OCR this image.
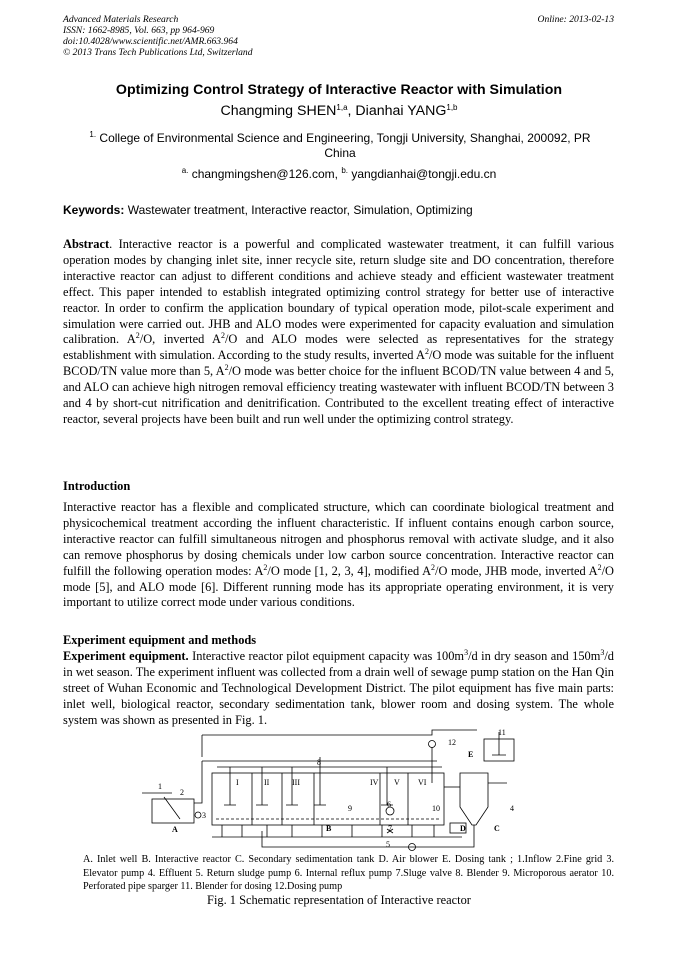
Advanced Materials Research
ISSN: 1662-8985, Vol. 663, pp 964-969
doi:10.4028/www.scientific.net/AMR.663.964
© 2013 Trans Tech Publications Ltd, Switzerland
Online: 2013-02-13
Optimizing Control Strategy of Interactive Reactor with Simulation
Changming SHEN$^{1,a}$, Dianhai YANG$^{1,b}$
$^{1.}$ College of Environmental Science and Engineering, Tongji University, Shanghai, 200092, PR China
$^{a.}$ changmingshen@126.com, $^{b.}$ yangdianhai@tongji.edu.cn
Keywords: Wastewater treatment, Interactive reactor, Simulation, Optimizing
Abstract. Interactive reactor is a powerful and complicated wastewater treatment, it can fulfill various operation modes by changing inlet site, inner recycle site, return sludge site and DO concentration, therefore interactive reactor can adjust to different conditions and achieve steady and efficient wastewater treatment effect. This paper intended to establish integrated optimizing control strategy for better use of interactive reactor. In order to confirm the application boundary of typical operation mode, pilot-scale experiment and simulation were carried out. JHB and ALO modes were experimented for capacity evaluation and simulation calibration. $A^2/O$, inverted $A^2/O$ and ALO modes were selected as representatives for the strategy establishment with simulation. According to the study results, inverted $A^2/O$ mode was suitable for the influent BCOD/TN value more than 5, $A^2/O$ mode was better choice for the influent BCOD/TN value between 4 and 5, and ALO can achieve high nitrogen removal efficiency treating wastewater with influent BCOD/TN between 3 and 4 by short-cut nitrification and denitrification. Contributed to the excellent treating effect of interactive reactor, several projects have been built and run well under the optimizing control strategy.
Introduction
Interactive reactor has a flexible and complicated structure, which can coordinate biological treatment and physicochemical treatment according the influent characteristic. If influent contains enough carbon source, interactive reactor can fulfill simultaneous nitrogen and phosphorus removal with activate sludge, and it also can remove phosphorus by dosing chemicals under low carbon source concentration. Interactive reactor can fulfill the following operation modes: $A^2/O$ mode [1, 2, 3, 4], modified $A^2/O$ mode, JHB mode, inverted $A^2/O$ mode [5], and ALO mode [6]. Different running mode has its appropriate operating environment, it is very important to utilize correct mode under various conditions.
Experiment equipment and methods
Experiment equipment. Interactive reactor pilot equipment capacity was $100m^3/d$ in dry season and $150m^3/d$ in wet season. The experiment influent was collected from a drain well of sewage pump station on the Han Qin street of Wuhan Economic and Technological Development District. The pilot equipment has five main parts: inlet well, biological reactor, secondary sedimentation tank, blower room and dosing system. The whole system was shown as presented in Fig. 1.
1
2
3
4
5
6
7
8
9	10
11
12
A	B	C
D
E
I	II	III	IV V VI
A. Inlet well B. Interactive reactor C. Secondary sedimentation tank D. Air blower E. Dosing tank ; 1.Inflow 2.Fine grid 3. Elevator pump 4. Effluent 5. Return sludge pump 6. Internal reflux pump 7.Sluge valve 8. Blender 9. Microporous aerator 10. Perforated pipe sparger 11. Blender for dosing 12.Dosing pump
Fig. 1 Schematic representation of Interactive reactor
